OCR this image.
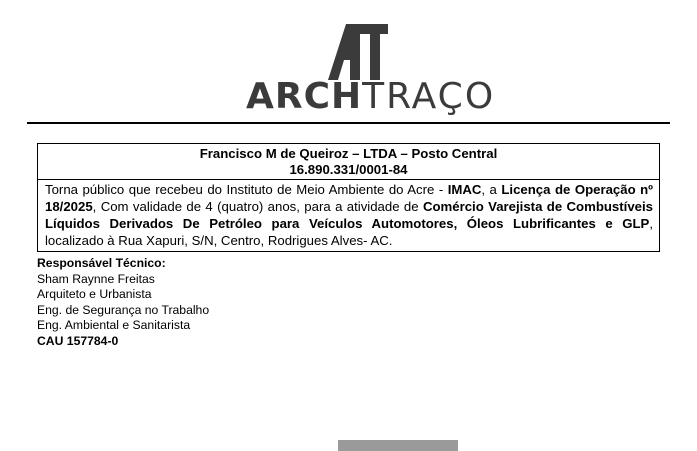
ARCHTRAÇO
Francisco M de Queiroz – LTDA – Posto Central
16.890.331/0001-84
Torna público que recebeu do Instituto de Meio Ambiente do Acre - IMAC, a Licença de Operação nº 18/2025, Com validade de 4 (quatro) anos, para a atividade de Comércio Varejista de Combustíveis Líquidos Derivados De Petróleo para Veículos Automotores, Óleos Lubrificantes e GLP, localizado à Rua Xapuri, S/N, Centro, Rodrigues Alves- AC.
Responsável Técnico:
Sham Raynne Freitas
Arquiteto e Urbanista
Eng. de Segurança no Trabalho
Eng. Ambiental e Sanitarista
CAU 157784-0
